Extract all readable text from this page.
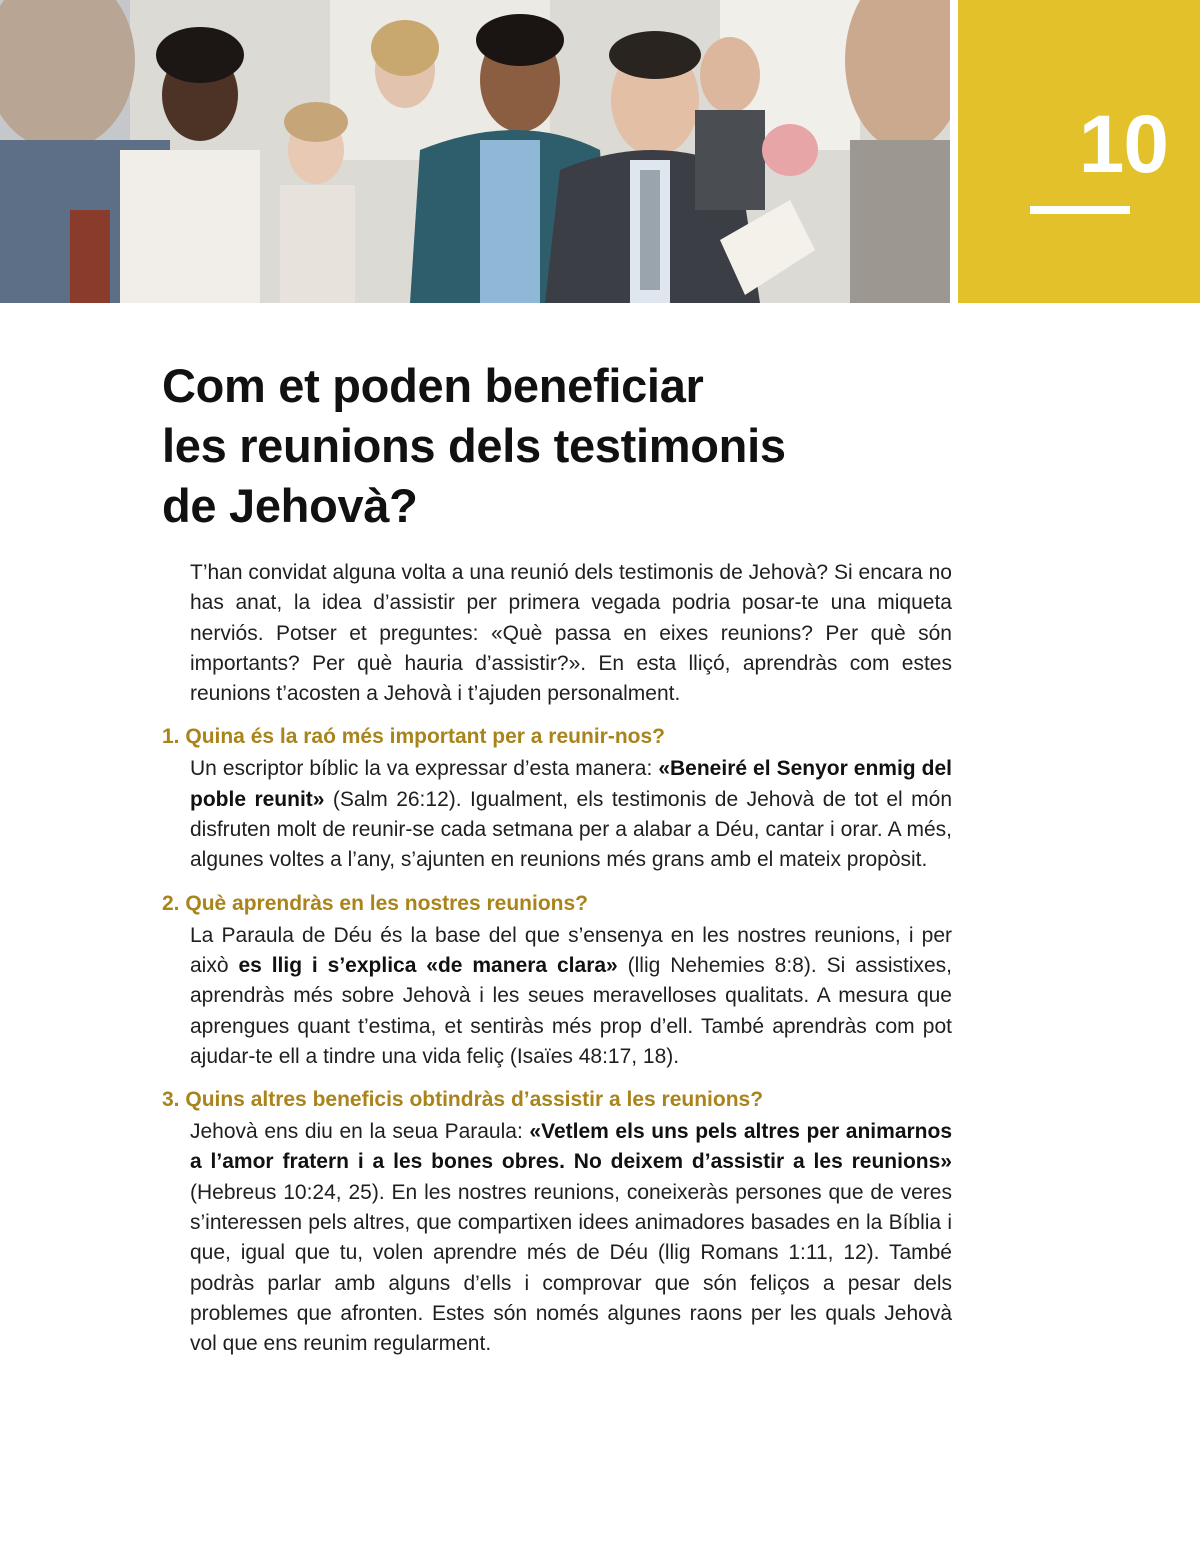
10
Com et poden beneficiar
les reunions dels testimonis
de Jehovà?

T’han convidat alguna volta a una reunió dels testimonis de Jehovà? Si encara no has anat, la idea d’assistir per primera vegada podria posar-te una miqueta nerviós. Potser et preguntes: «Què passa en eixes reunions? Per què són importants? Per què hauria d’assistir?». En esta lliçó, aprendràs com estes reunions t’acosten a Jehovà i t’ajuden personalment.

1. Quina és la raó més important per a reunir-nos?

Un escriptor bíblic la va expressar d’esta manera: «Beneiré el Senyor enmig del poble reunit» (Salm 26:12). Igualment, els testimonis de Jehovà de tot el món disfruten molt de reunir-se cada setmana per a alabar a Déu, cantar i orar. A més, algunes voltes a l’any, s’ajunten en reunions més grans amb el mateix propòsit.

2. Què aprendràs en les nostres reunions?

La Paraula de Déu és la base del que s’ensenya en les nostres reunions, i per això es llig i s’explica «de manera clara» (llig Nehemies 8:8). Si assistixes, aprendràs més sobre Jehovà i les seues meravelloses qualitats. A mesura que aprengues quant t’estima, et sentiràs més prop d’ell. També aprendràs com pot ajudar-te ell a tindre una vida feliç (Isaïes 48:17, 18).

3. Quins altres beneficis obtindràs d’assistir a les reunions?

Jehovà ens diu en la seua Paraula: «Vetlem els uns pels altres per animarnos a l’amor fratern i a les bones obres. No deixem d’assistir a les reunions» (Hebreus 10:24, 25). En les nostres reunions, coneixeràs persones que de veres s’interessen pels altres, que compartixen idees animadores basades en la Bíblia i que, igual que tu, volen aprendre més de Déu (llig Romans 1:11, 12). També podràs parlar amb alguns d’ells i comprovar que són feliços a pesar dels problemes que afronten. Estes són només algunes raons per les quals Jehovà vol que ens reunim regularment.
